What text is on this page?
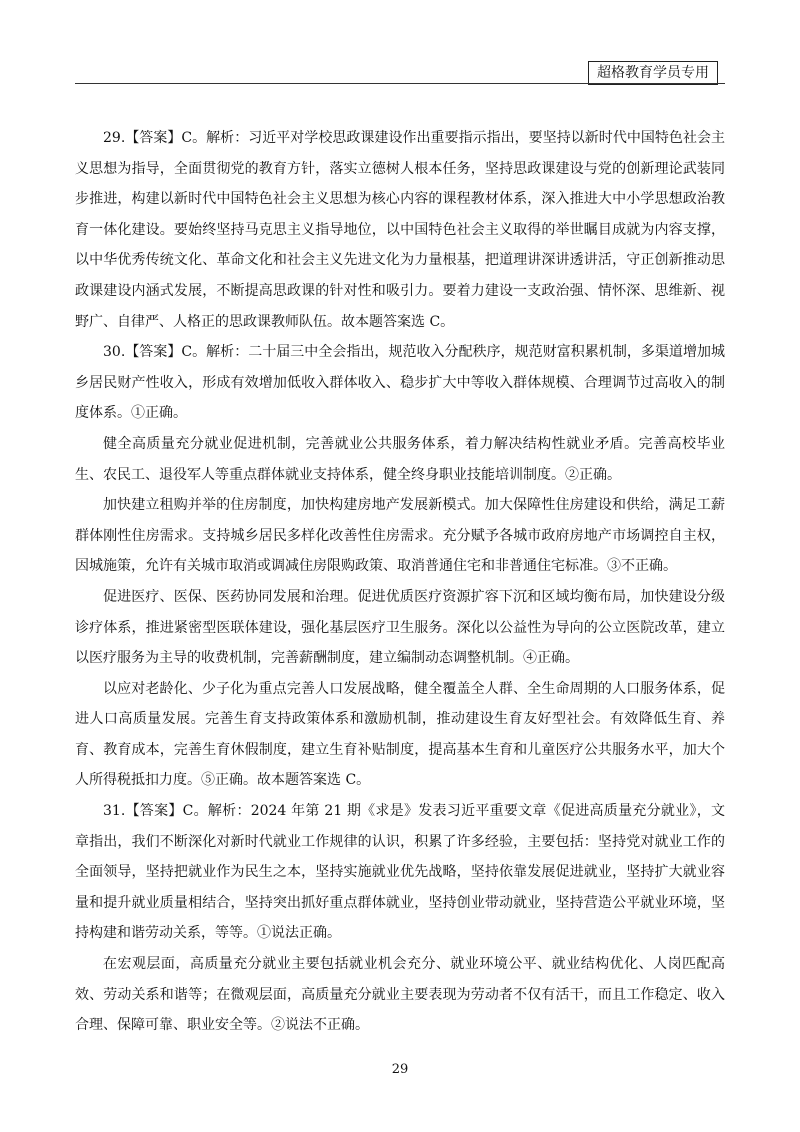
超格教育学员专用

29.【答案】C。解析：习近平对学校思政课建设作出重要指示指出，要坚持以新时代中国特色社会主义思想为指导，全面贯彻党的教育方针，落实立德树人根本任务，坚持思政课建设与党的创新理论武装同步推进，构建以新时代中国特色社会主义思想为核心内容的课程教材体系，深入推进大中小学思想政治教育一体化建设。要始终坚持马克思主义指导地位，以中国特色社会主义取得的举世瞩目成就为内容支撑，以中华优秀传统文化、革命文化和社会主义先进文化为力量根基，把道理讲深讲透讲活，守正创新推动思政课建设内涵式发展，不断提高思政课的针对性和吸引力。要着力建设一支政治强、情怀深、思维新、视野广、自律严、人格正的思政课教师队伍。故本题答案选 C。

30.【答案】C。解析：二十届三中全会指出，规范收入分配秩序，规范财富积累机制，多渠道增加城乡居民财产性收入，形成有效增加低收入群体收入、稳步扩大中等收入群体规模、合理调节过高收入的制度体系。①正确。

健全高质量充分就业促进机制，完善就业公共服务体系，着力解决结构性就业矛盾。完善高校毕业生、农民工、退役军人等重点群体就业支持体系，健全终身职业技能培训制度。②正确。

加快建立租购并举的住房制度，加快构建房地产发展新模式。加大保障性住房建设和供给，满足工薪群体刚性住房需求。支持城乡居民多样化改善性住房需求。充分赋予各城市政府房地产市场调控自主权，因城施策，允许有关城市取消或调减住房限购政策、取消普通住宅和非普通住宅标准。③不正确。

促进医疗、医保、医药协同发展和治理。促进优质医疗资源扩容下沉和区域均衡布局，加快建设分级诊疗体系，推进紧密型医联体建设，强化基层医疗卫生服务。深化以公益性为导向的公立医院改革，建立以医疗服务为主导的收费机制，完善薪酬制度，建立编制动态调整机制。④正确。

以应对老龄化、少子化为重点完善人口发展战略，健全覆盖全人群、全生命周期的人口服务体系，促进人口高质量发展。完善生育支持政策体系和激励机制，推动建设生育友好型社会。有效降低生育、养育、教育成本，完善生育休假制度，建立生育补贴制度，提高基本生育和儿童医疗公共服务水平，加大个人所得税抵扣力度。⑤正确。故本题答案选 C。

31.【答案】C。解析：2024 年第 21 期《求是》发表习近平重要文章《促进高质量充分就业》，文章指出，我们不断深化对新时代就业工作规律的认识，积累了许多经验，主要包括：坚持党对就业工作的全面领导，坚持把就业作为民生之本，坚持实施就业优先战略，坚持依靠发展促进就业，坚持扩大就业容量和提升就业质量相结合，坚持突出抓好重点群体就业，坚持创业带动就业，坚持营造公平就业环境，坚持构建和谐劳动关系，等等。①说法正确。

在宏观层面，高质量充分就业主要包括就业机会充分、就业环境公平、就业结构优化、人岗匹配高效、劳动关系和谐等；在微观层面，高质量充分就业主要表现为劳动者不仅有活干，而且工作稳定、收入合理、保障可靠、职业安全等。②说法不正确。

29
